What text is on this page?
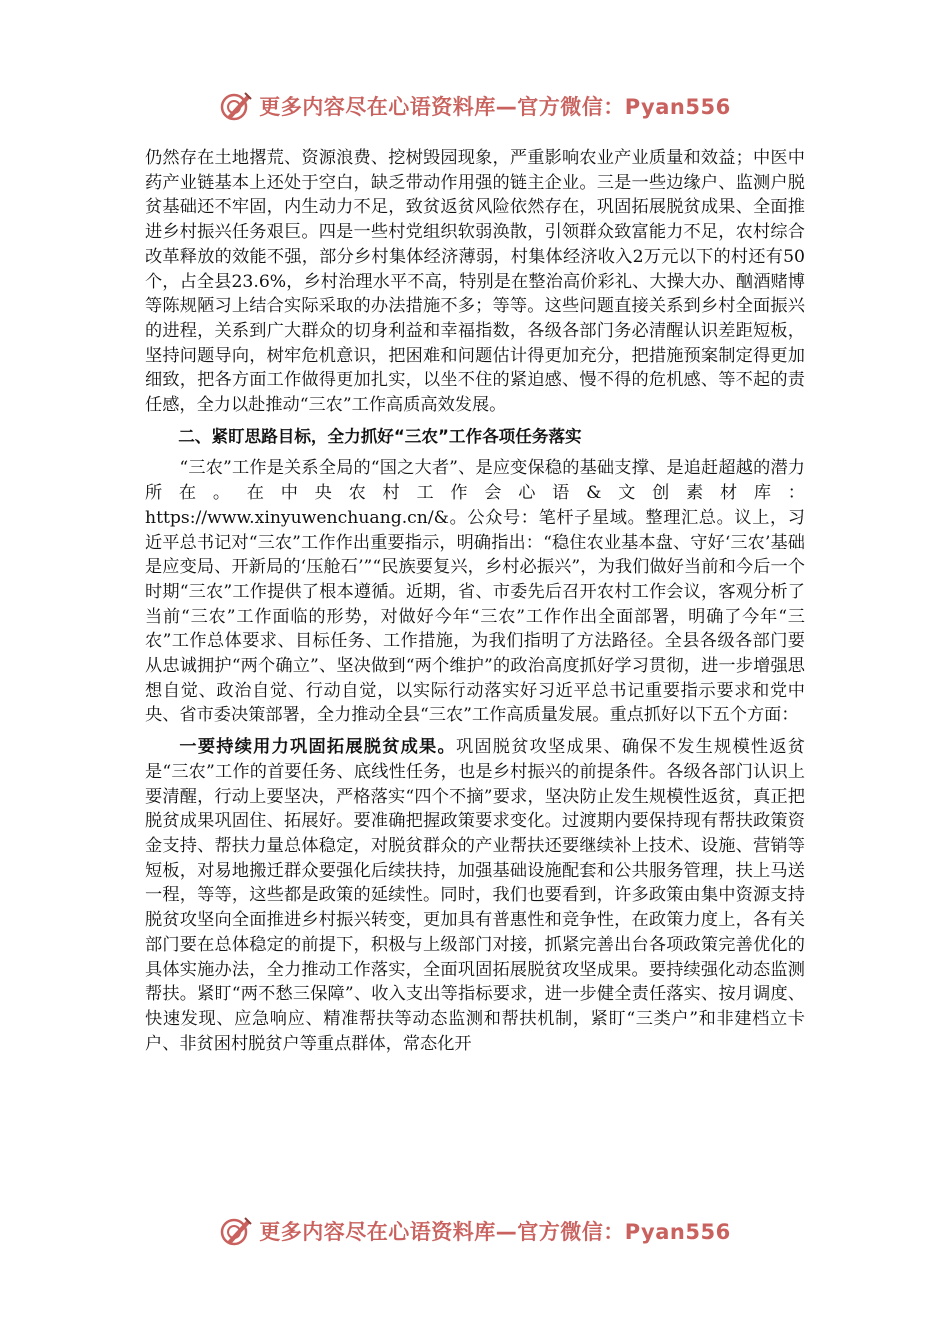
更多内容尽在心语资料库—官方微信：Pyan556

仍然存在土地撂荒、资源浪费、挖树毁园现象，严重影响农业产业质量和效益；中医中药产业链基本上还处于空白，缺乏带动作用强的链主企业。三是一些边缘户、监测户脱贫基础还不牢固，内生动力不足，致贫返贫风险依然存在，巩固拓展脱贫成果、全面推进乡村振兴任务艰巨。四是一些村党组织软弱涣散，引领群众致富能力不足，农村综合改革释放的效能不强，部分乡村集体经济薄弱，村集体经济收入2万元以下的村还有50个，占全县23.6%，乡村治理水平不高，特别是在整治高价彩礼、大操大办、酗酒赌博等陈规陋习上结合实际采取的办法措施不多；等等。这些问题直接关系到乡村全面振兴的进程，关系到广大群众的切身利益和幸福指数，各级各部门务必清醒认识差距短板，坚持问题导向，树牢危机意识，把困难和问题估计得更加充分，把措施预案制定得更加细致，把各方面工作做得更加扎实，以坐不住的紧迫感、慢不得的危机感、等不起的责任感，全力以赴推动“三农”工作高质高效发展。

二、紧盯思路目标，全力抓好“三农”工作各项任务落实

“三农”工作是关系全局的“国之大者”、是应变保稳的基础支撑、是追赶超越的潜力所在。在中央农村工作会心语&文创素材库：https://www.xinyuwenchuang.cn/&。公众号：笔杆子星域。整理汇总。议上，习近平总书记对“三农”工作作出重要指示，明确指出：“稳住农业基本盘、守好‘三农’基础是应变局、开新局的‘压舱石’”“民族要复兴，乡村必振兴”，为我们做好当前和今后一个时期“三农”工作提供了根本遵循。近期，省、市委先后召开农村工作会议，客观分析了当前“三农”工作面临的形势，对做好今年“三农”工作作出全面部署，明确了今年“三农”工作总体要求、目标任务、工作措施，为我们指明了方法路径。全县各级各部门要从忠诚拥护“两个确立”、坚决做到“两个维护”的政治高度抓好学习贯彻，进一步增强思想自觉、政治自觉、行动自觉，以实际行动落实好习近平总书记重要指示要求和党中央、省市委决策部署，全力推动全县“三农”工作高质量发展。重点抓好以下五个方面：

一要持续用力巩固拓展脱贫成果。巩固脱贫攻坚成果、确保不发生规模性返贫是“三农”工作的首要任务、底线性任务，也是乡村振兴的前提条件。各级各部门认识上要清醒，行动上要坚决，严格落实“四个不摘”要求，坚决防止发生规模性返贫，真正把脱贫成果巩固住、拓展好。要准确把握政策要求变化。过渡期内要保持现有帮扶政策资金支持、帮扶力量总体稳定，对脱贫群众的产业帮扶还要继续补上技术、设施、营销等短板，对易地搬迁群众要强化后续扶持，加强基础设施配套和公共服务管理，扶上马送一程，等等，这些都是政策的延续性。同时，我们也要看到，许多政策由集中资源支持脱贫攻坚向全面推进乡村振兴转变，更加具有普惠性和竞争性，在政策力度上，各有关部门要在总体稳定的前提下，积极与上级部门对接，抓紧完善出台各项政策完善优化的具体实施办法，全力推动工作落实，全面巩固拓展脱贫攻坚成果。要持续强化动态监测帮扶。紧盯“两不愁三保障”、收入支出等指标要求，进一步健全责任落实、按月调度、快速发现、应急响应、精准帮扶等动态监测和帮扶机制，紧盯“三类户”和非建档立卡户、非贫困村脱贫户等重点群体，常态化开

更多内容尽在心语资料库—官方微信：Pyan556
